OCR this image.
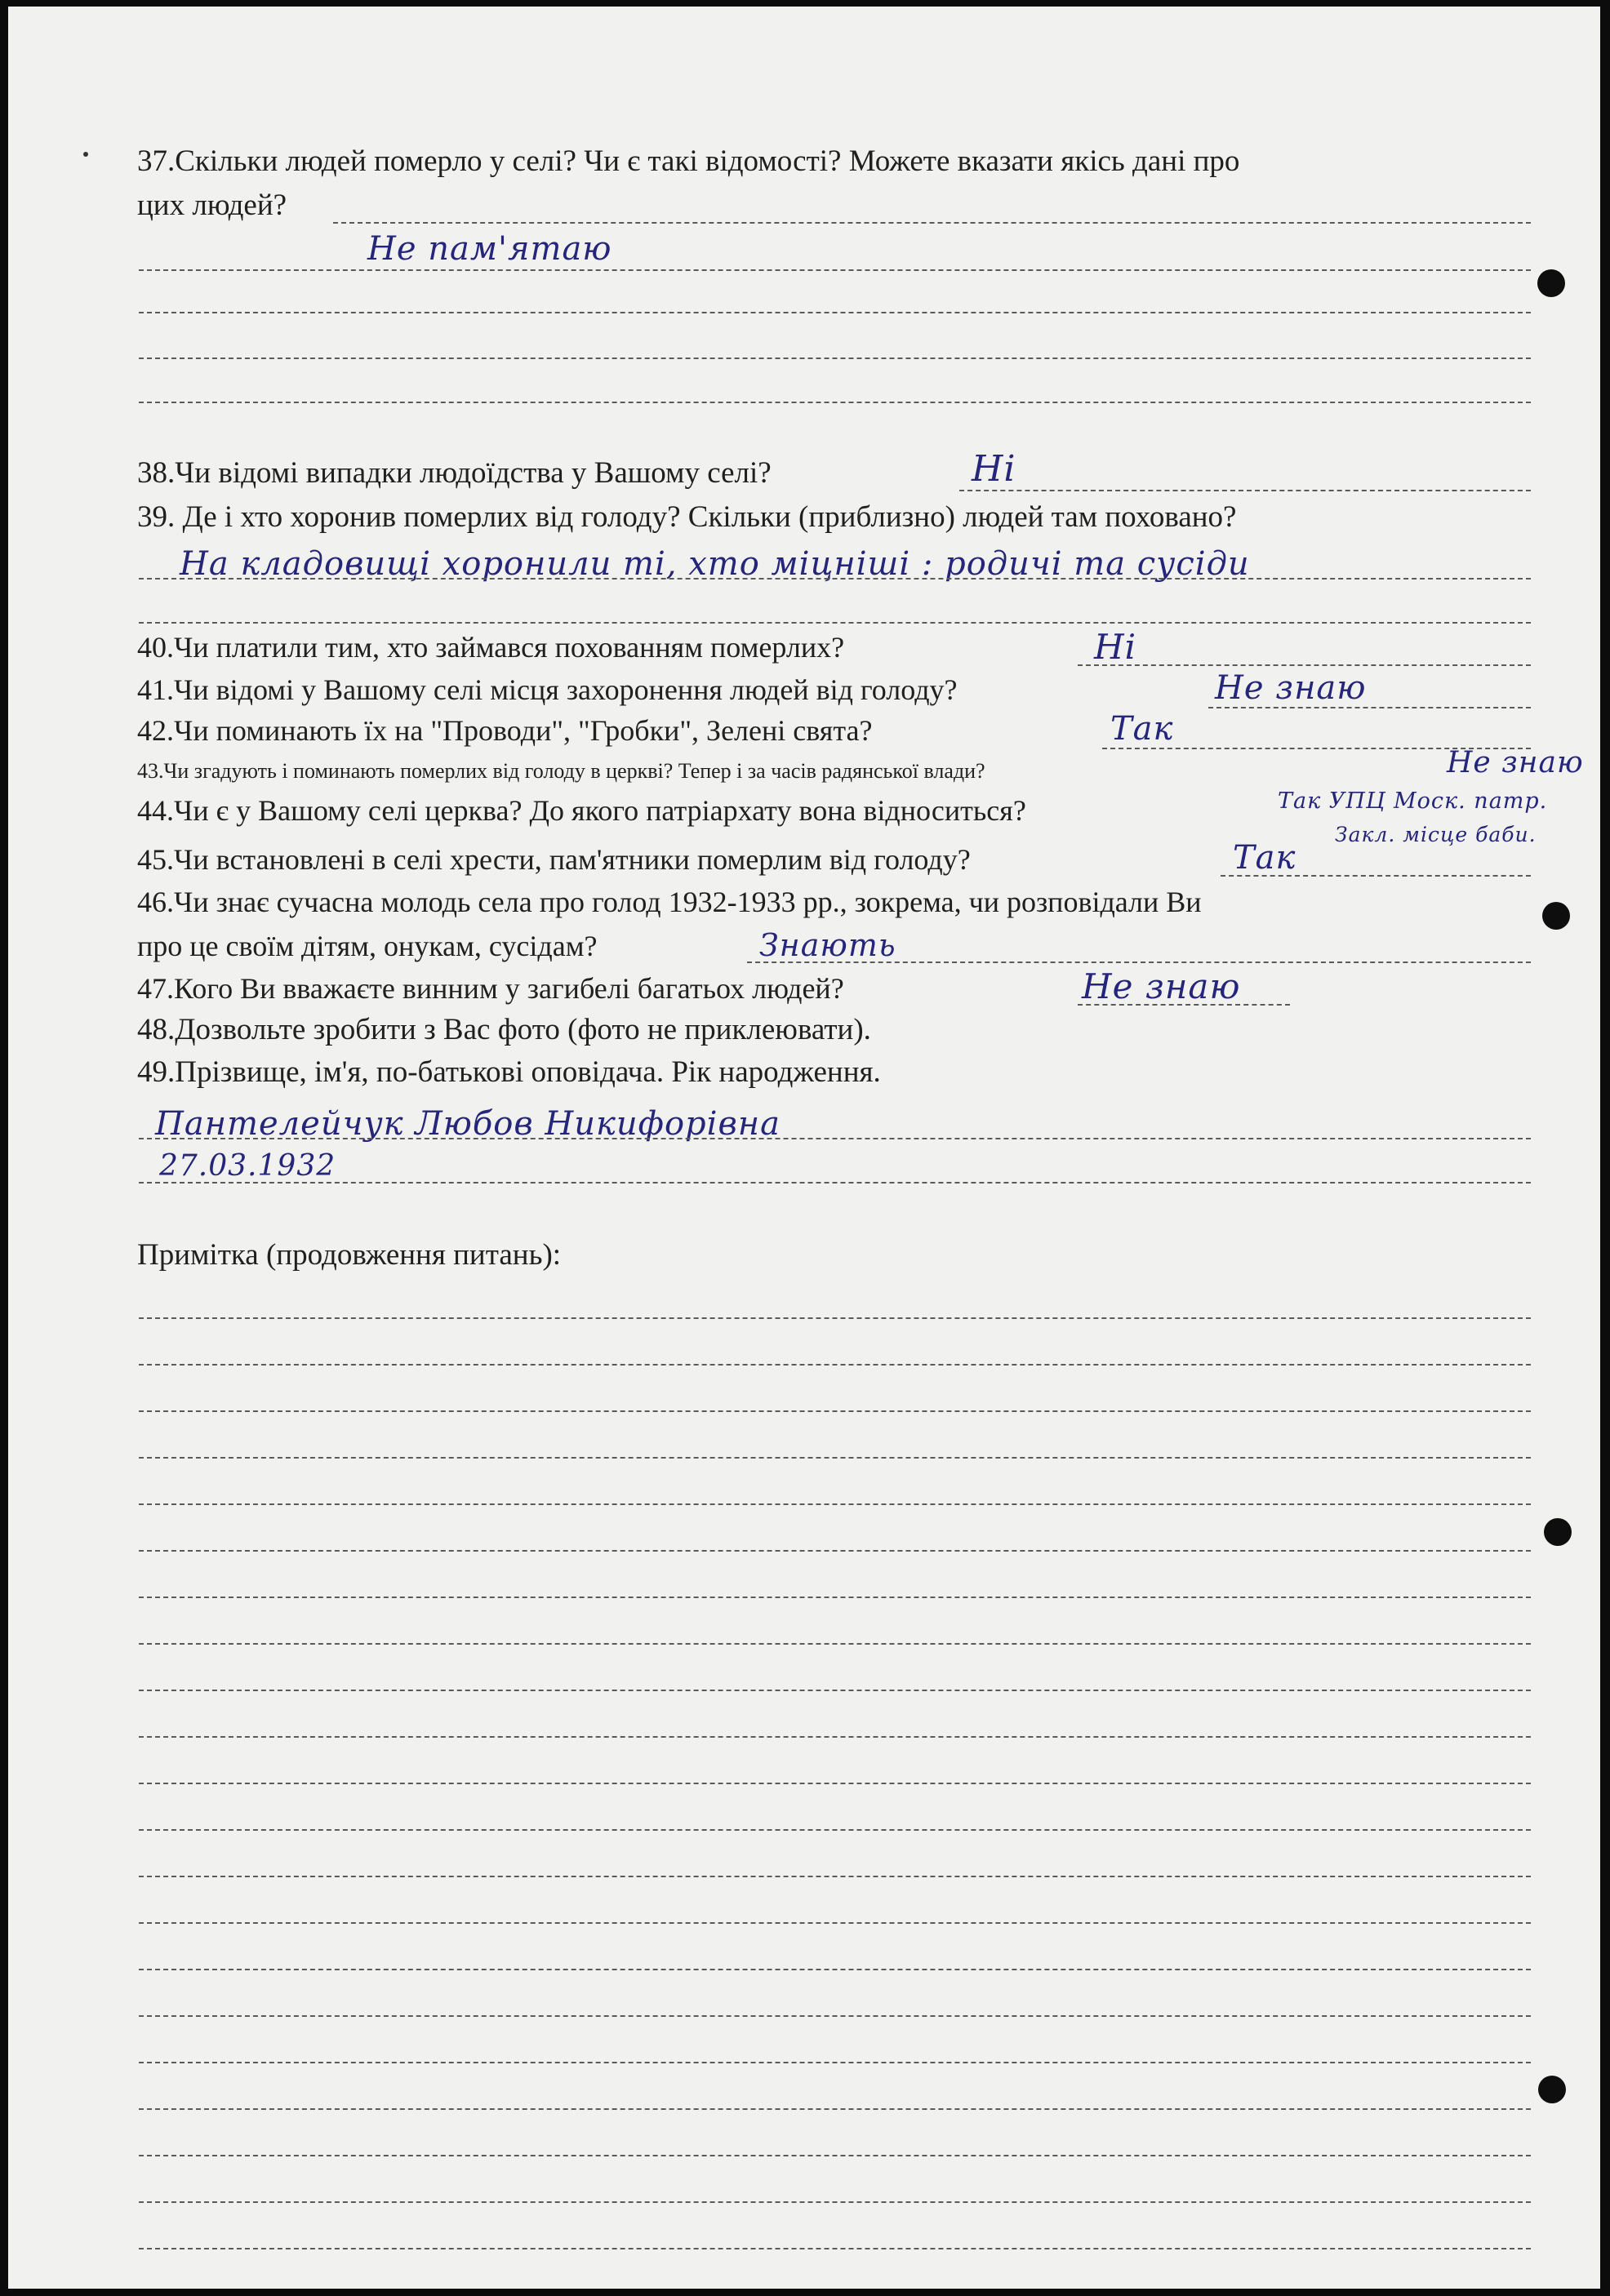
37.Скільки людей померло у селі? Чи є такі відомості? Можете вказати якісь дані про
цих людей?
Не пам'ятаю
38.Чи відомі випадки людоїдства у Вашому селі?	Ні
39. Де і хто хоронив померлих від голоду? Скільки (приблизно) людей там поховано?
На кладовищі хоронили ті, хто міцніші : родичі та сусіди
40.Чи платили тим, хто займався похованням померлих?	Ні
41.Чи відомі у Вашому селі місця захоронення людей від голоду?	Не знаю
42.Чи поминають їх на "Проводи", "Гробки", Зелені свята?	Так
43.Чи згадують і поминають померлих від голоду в церкві? Тепер і за часів радянської влади?	Не знаю
44.Чи є у Вашому селі церква? До якого патріархату вона відноситься?	Так УПЦ Моск. патр.
Закл. місце баби.
45.Чи встановлені в селі хрести, пам'ятники померлим від голоду?	Так
46.Чи знає сучасна молодь села про голод 1932-1933 рр., зокрема, чи розповідали Ви
про це своїм дітям, онукам, сусідам?	Знають
47.Кого Ви вважаєте винним у загибелі багатьох людей?	Не знаю
48.Дозвольте зробити з Вас фото (фото не приклеювати).
49.Прізвище, ім'я, по-батькові оповідача. Рік народження.
Пантелейчук Любов Никифорівна
27.03.1932
Примітка (продовження питань):
